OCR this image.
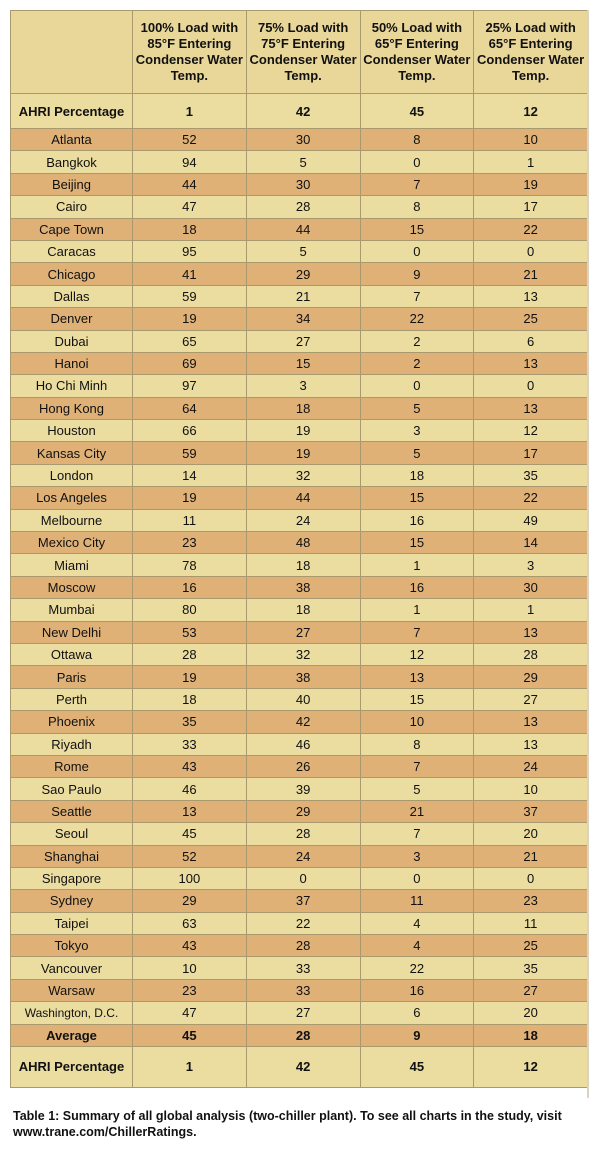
	100% Load with 85°F Entering Condenser Water Temp.	75% Load with 75°F Entering Condenser Water Temp.	50% Load with 65°F Entering Condenser Water Temp.	25% Load with 65°F Entering Condenser Water Temp.
AHRI Percentage	1	42	45	12
Atlanta	52	30	8	10
Bangkok	94	5	0	1
Beijing	44	30	7	19
Cairo	47	28	8	17
Cape Town	18	44	15	22
Caracas	95	5	0	0
Chicago	41	29	9	21
Dallas	59	21	7	13
Denver	19	34	22	25
Dubai	65	27	2	6
Hanoi	69	15	2	13
Ho Chi Minh	97	3	0	0
Hong Kong	64	18	5	13
Houston	66	19	3	12
Kansas City	59	19	5	17
London	14	32	18	35
Los Angeles	19	44	15	22
Melbourne	11	24	16	49
Mexico City	23	48	15	14
Miami	78	18	1	3
Moscow	16	38	16	30
Mumbai	80	18	1	1
New Delhi	53	27	7	13
Ottawa	28	32	12	28
Paris	19	38	13	29
Perth	18	40	15	27
Phoenix	35	42	10	13
Riyadh	33	46	8	13
Rome	43	26	7	24
Sao Paulo	46	39	5	10
Seattle	13	29	21	37
Seoul	45	28	7	20
Shanghai	52	24	3	21
Singapore	100	0	0	0
Sydney	29	37	11	23
Taipei	63	22	4	11
Tokyo	43	28	4	25
Vancouver	10	33	22	35
Warsaw	23	33	16	27
Washington, D.C.	47	27	6	20
Average	45	28	9	18
AHRI Percentage	1	42	45	12
Table 1: Summary of all global analysis (two-chiller plant). To see all charts in the study, visit www.trane.com/ChillerRatings.
